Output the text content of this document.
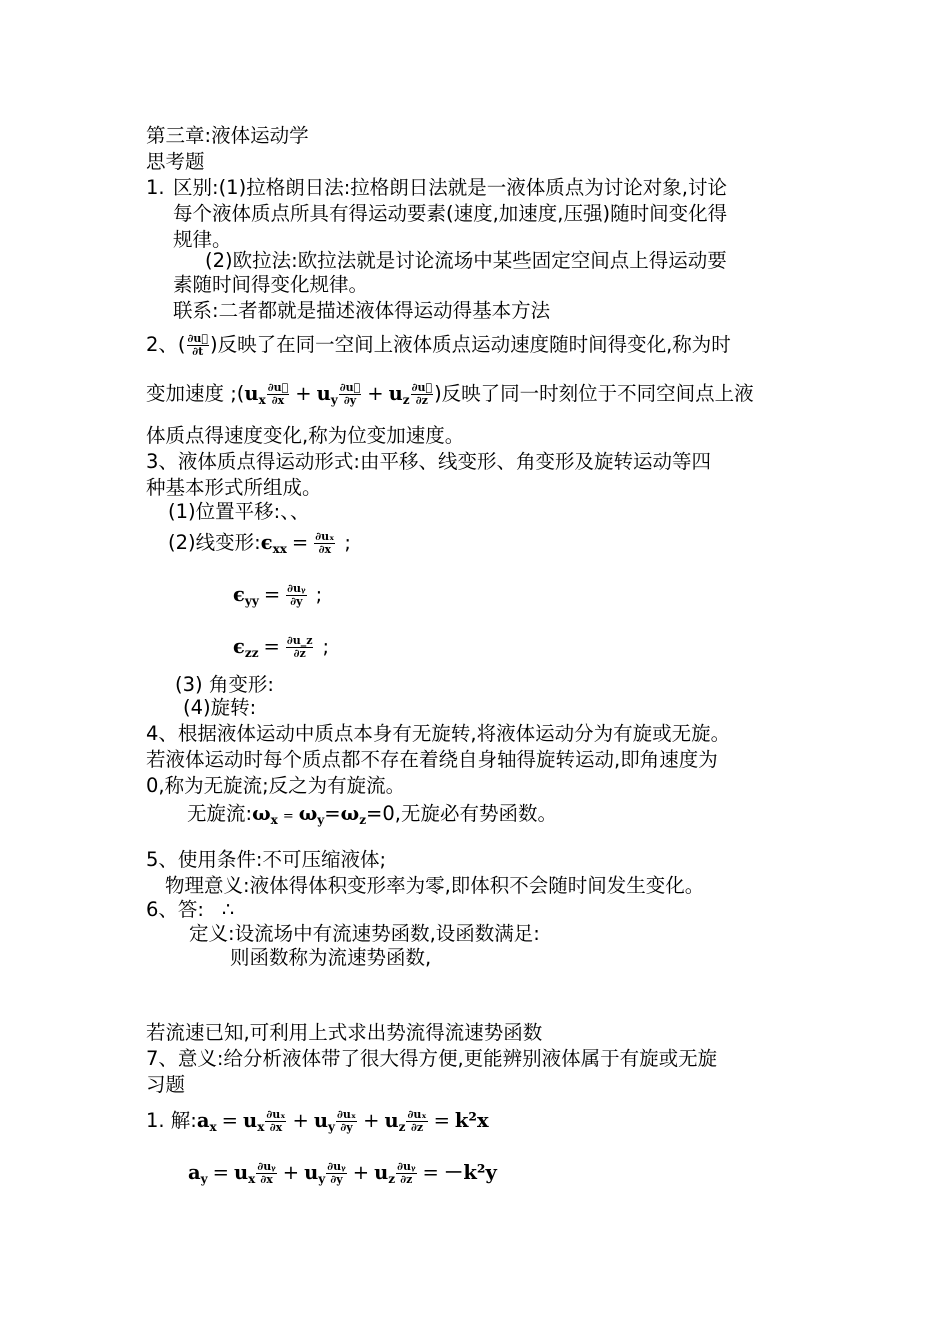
第三章:液体运动学
思考题
1. 区别:(1)拉格朗日法:拉格朗日法就是一液体质点为讨论对象,讨论
每个液体质点所具有得运动要素(速度,加速度,压强)随时间变化得
规律。
(2)欧拉法:欧拉法就是讨论流场中某些固定空间点上得运动要
素随时间得变化规律。
联系:二者都就是描述液体得运动得基本方法
2、( $\frac{\partial u⃗}{\partial t}$ )反映了在同一空间上液体质点运动速度随时间得变化,称为时
变加速度 $;(u_x \frac{\partial u⃗}{\partial x} + u_y \frac{\partial u⃗}{\partial y} + u_z \frac{\partial u⃗}{\partial z}$ )反映了同一时刻位于不同空间点上液
体质点得速度变化,称为位变加速度。
3、液体质点得运动形式:由平移、线变形、角变形及旋转运动等四
种基本形式所组成。
(1)位置平移:、、
(2)线变形$:\epsilon_{xx} = \frac{\text{∂uₓ}}{\partial x}$ ;
$\epsilon_{yy} = \frac{\text{∂uᵧ}}{\partial y}$ ;
$\epsilon_{zz} = \frac{\partial u\_z}{\partial z}$ ;
(3) 角变形:
(4)旋转:
4、根据液体运动中质点本身有无旋转,将液体运动分为有旋或无旋。
若液体运动时每个质点都不存在着绕自身轴得旋转运动,即角速度为
0,称为无旋流;反之为有旋流。
无旋流$:\omega_x = \omega_y=\omega_z=0$,无旋必有势函数。
5、使用条件:不可压缩液体;
物理意义:液体得体积变形率为零,即体积不会随时间发生变化。
6、答: ∴
定义:设流场中有流速势函数,设函数满足:
则函数称为流速势函数,
若流速已知,可利用上式求出势流得流速势函数
7、意义:给分析液体带了很大得方便,更能辨别液体属于有旋或无旋
习题
1. 解$:a_x = u_x \frac{\text{∂uₓ}}{\partial x} + u_y \frac{\text{∂uₓ}}{\partial y} + u_z \frac{\text{∂uₓ}}{\partial z} = k^2x$
$a_y = u_x \frac{\text{∂uᵧ}}{\partial x} + u_y \frac{\text{∂uᵧ}}{\partial y} + u_z \frac{\text{∂uᵧ}}{\partial z} = -k^2y$
